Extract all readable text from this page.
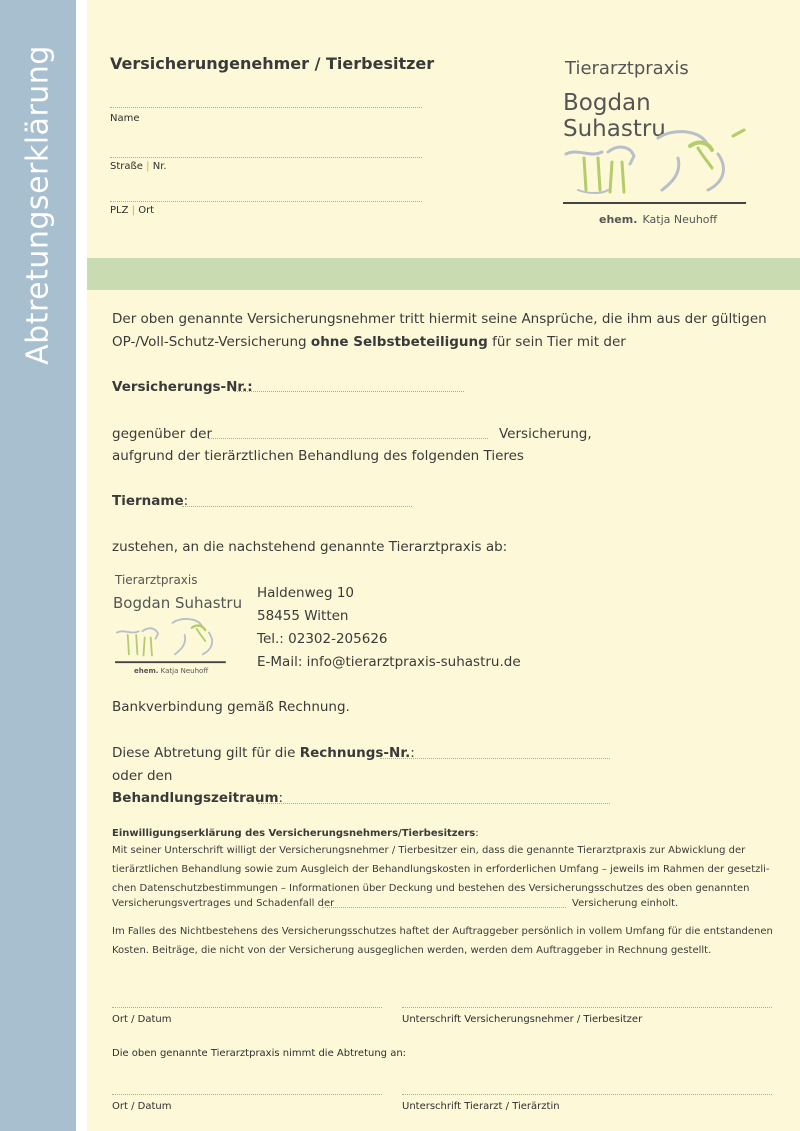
Abtretungserklärung	Versicherungenehmer / Tierbesitzer
Name
Straße | Nr.
PLZ | Ort
Tierarztpraxis
Bogdan Suhastru
ehem. Katja Neuhoff
Der oben genannte Versicherungsnehmer tritt hiermit seine Ansprüche, die ihm aus der gültigen
OP-/Voll-Schutz-Versicherung ohne Selbstbeteiligung für sein Tier mit der
Versicherungs-Nr.:
gegenüber der	Versicherung,
aufgrund der tierärztlichen Behandlung des folgenden Tieres
Tiername:
zustehen, an die nachstehend genannte Tierarztpraxis ab:
Tierarztpraxis
Bogdan Suhastru
ehem. Katja Neuhoff
Haldenweg 10
58455 Witten
Tel.: 02302-205626
E-Mail: info@tierarztpraxis-suhastru.de
Bankverbindung gemäß Rechnung.
Diese Abtretung gilt für die Rechnungs-Nr.:
oder den
Behandlungszeitraum:
Einwilligungserklärung des Versicherungsnehmers/Tierbesitzers:
Mit seiner Unterschrift willigt der Versicherungsnehmer / Tierbesitzer ein, dass die genannte Tierarztpraxis zur Abwicklung der
tierärztlichen Behandlung sowie zum Ausgleich der Behandlungskosten in erforderlichen Umfang – jeweils im Rahmen der gesetzli-
chen Datenschutzbestimmungen – Informationen über Deckung und bestehen des Versicherungsschutzes des oben genannten
Versicherungsvertrages und Schadenfall der	Versicherung einholt.
Im Falles des Nichtbestehens des Versicherungsschutzes haftet der Auftraggeber persönlich in vollem Umfang für die entstandenen
Kosten. Beiträge, die nicht von der Versicherung ausgeglichen werden, werden dem Auftraggeber in Rechnung gestellt.
Ort / Datum	Unterschrift Versicherungsnehmer / Tierbesitzer
Die oben genannte Tierarztpraxis nimmt die Abtretung an:
Ort / Datum	Unterschrift Tierarzt / Tierärztin
